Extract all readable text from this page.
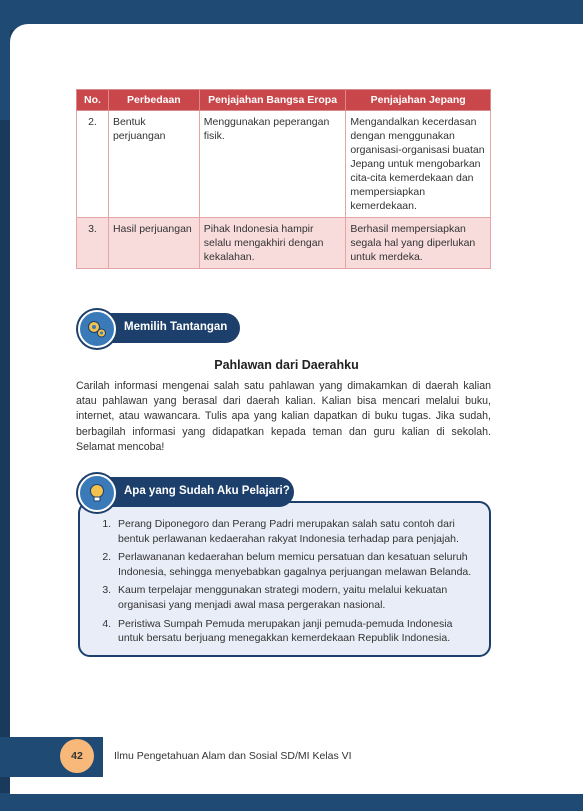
No.	Perbedaan	Penjajahan Bangsa Eropa	Penjajahan Jepang
2.	Bentuk perjuangan	Menggunakan peperangan fisik.	Mengandalkan kecerdasan dengan menggunakan organisasi-organisasi buatan Jepang untuk mengobarkan cita-cita kemerdekaan dan mempersiapkan kemerdekaan.
3.	Hasil perjuangan	Pihak Indonesia hampir selalu mengakhiri dengan kekalahan.	Berhasil mempersiapkan segala hal yang diperlukan untuk merdeka.
Memilih Tantangan
Pahlawan dari Daerahku
Carilah informasi mengenai salah satu pahlawan yang dimakamkan di daerah kalian atau pahlawan yang berasal dari daerah kalian. Kalian bisa mencari melalui buku, internet, atau wawancara. Tulis apa yang kalian dapatkan di buku tugas. Jika sudah, berbagilah informasi yang didapatkan kepada teman dan guru kalian di sekolah. Selamat mencoba!
1. Perang Diponegoro dan Perang Padri merupakan salah satu contoh dari bentuk perlawanan kedaerahan rakyat Indonesia terhadap para penjajah.
2. Perlawananan kedaerahan belum memicu persatuan dan kesatuan seluruh Indonesia, sehingga menyebabkan gagalnya perjuangan melawan Belanda.
3. Kaum terpelajar menggunakan strategi modern, yaitu melalui kekuatan organisasi yang menjadi awal masa pergerakan nasional.
4. Peristiwa Sumpah Pemuda merupakan janji pemuda-pemuda Indonesia untuk bersatu berjuang menegakkan kemerdekaan Republik Indonesia.
Apa yang Sudah Aku Pelajari?
42	Ilmu Pengetahuan Alam dan Sosial SD/MI Kelas VI
